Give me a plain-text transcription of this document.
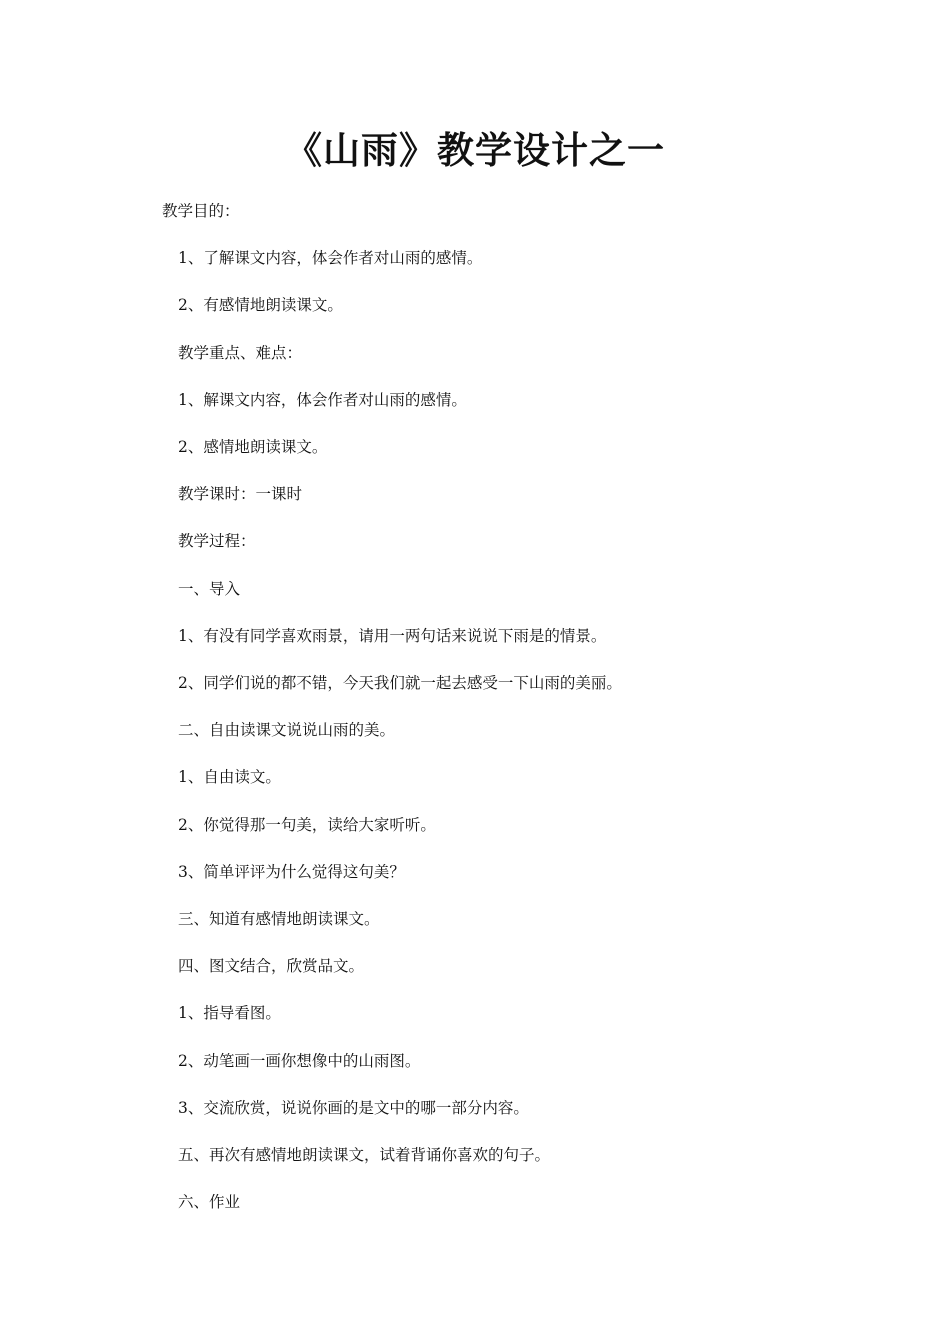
《山雨》教学设计之一
教学目的：
1、了解课文内容，体会作者对山雨的感情。
2、有感情地朗读课文。
教学重点、难点：
1、解课文内容，体会作者对山雨的感情。
2、感情地朗读课文。
教学课时：一课时
教学过程：
一、导入
1、有没有同学喜欢雨景，请用一两句话来说说下雨是的情景。
2、同学们说的都不错，今天我们就一起去感受一下山雨的美丽。
二、自由读课文说说山雨的美。
1、自由读文。
2、你觉得那一句美，读给大家听听。
3、简单评评为什么觉得这句美？
三、知道有感情地朗读课文。
四、图文结合，欣赏品文。
1、指导看图。
2、动笔画一画你想像中的山雨图。
3、交流欣赏，说说你画的是文中的哪一部分内容。
五、再次有感情地朗读课文，试着背诵你喜欢的句子。
六、作业
